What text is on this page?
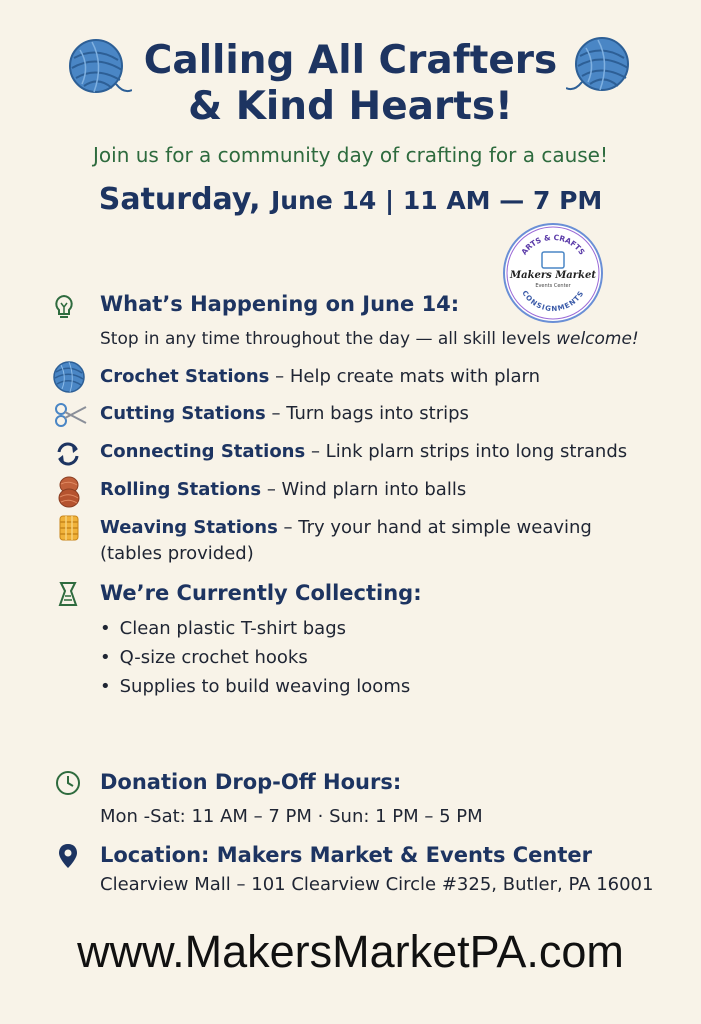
Calling All Crafters
& Kind Hearts!
Join us for a community day of crafting for a cause!
Saturday, June 14 | 11 AM — 7 PM
ARTS & CRAFTS
CONSIGNMENTS
Makers Market
Events Center
What’s Happening on June 14:
Stop in any time throughout the day — all skill levels welcome!
Crochet Stations – Help create mats with plarn
Cutting Stations – Turn bags into strips
Connecting Stations – Link plarn strips into long strands
Rolling Stations – Wind plarn into balls
Weaving Stations – Try your hand at simple weaving
(tables provided)
We’re Currently Collecting:
• Clean plastic T-shirt bags
• Q-size crochet hooks
• Supplies to build weaving looms
Donation Drop-Off Hours:
Mon -Sat: 11 AM – 7 PM · Sun: 1 PM – 5 PM
Location: Makers Market & Events Center
Clearview Mall – 101 Clearview Circle #325, Butler, PA 16001
www.MakersMarketPA.com
